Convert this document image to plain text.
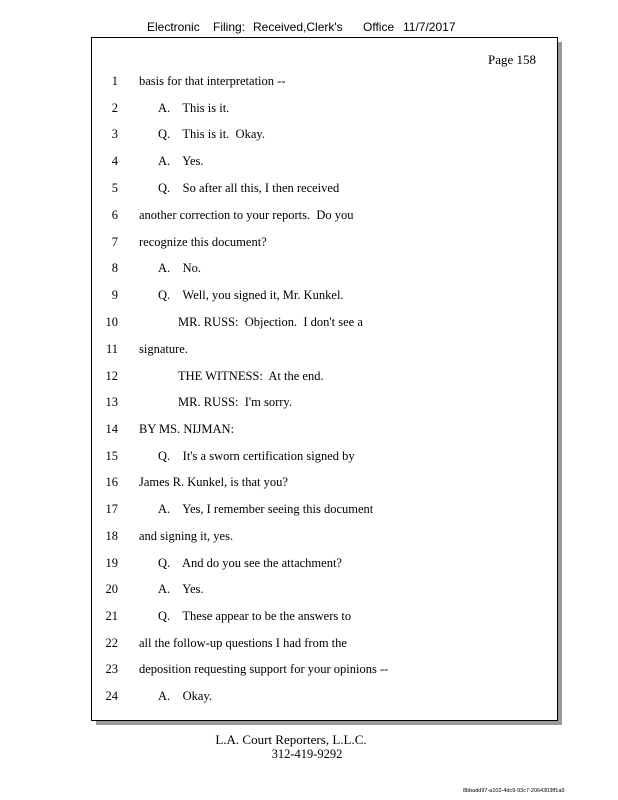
Electronic Filing: Received,Clerk's Office 11/7/2017
Page 158
1 basis for that interpretation --
2	A.    This is it.
3	Q.    This is it.  Okay.
4	A.    Yes.
5	Q.    So after all this, I then received
6 another correction to your reports.  Do you
7 recognize this document?
8	A.    No.
9	Q.    Well, you signed it, Mr. Kunkel.
10	MR. RUSS:  Objection.  I don't see a
11 signature.
12	THE WITNESS:  At the end.
13	MR. RUSS:  I'm sorry.
14 BY MS. NIJMAN:
15	Q.    It's a sworn certification signed by
16 James R. Kunkel, is that you?
17	A.    Yes, I remember seeing this document
18 and signing it, yes.
19	Q.    And do you see the attachment?
20	A.    Yes.
21	Q.    These appear to be the answers to
22 all the follow-up questions I had from the
23 deposition requesting support for your opinions --
24	A.    Okay.
L.A. Court Reporters, L.L.C.
312-419-9292
8bbadd97-a102-4dc9-93c7-2064303ff1a9
